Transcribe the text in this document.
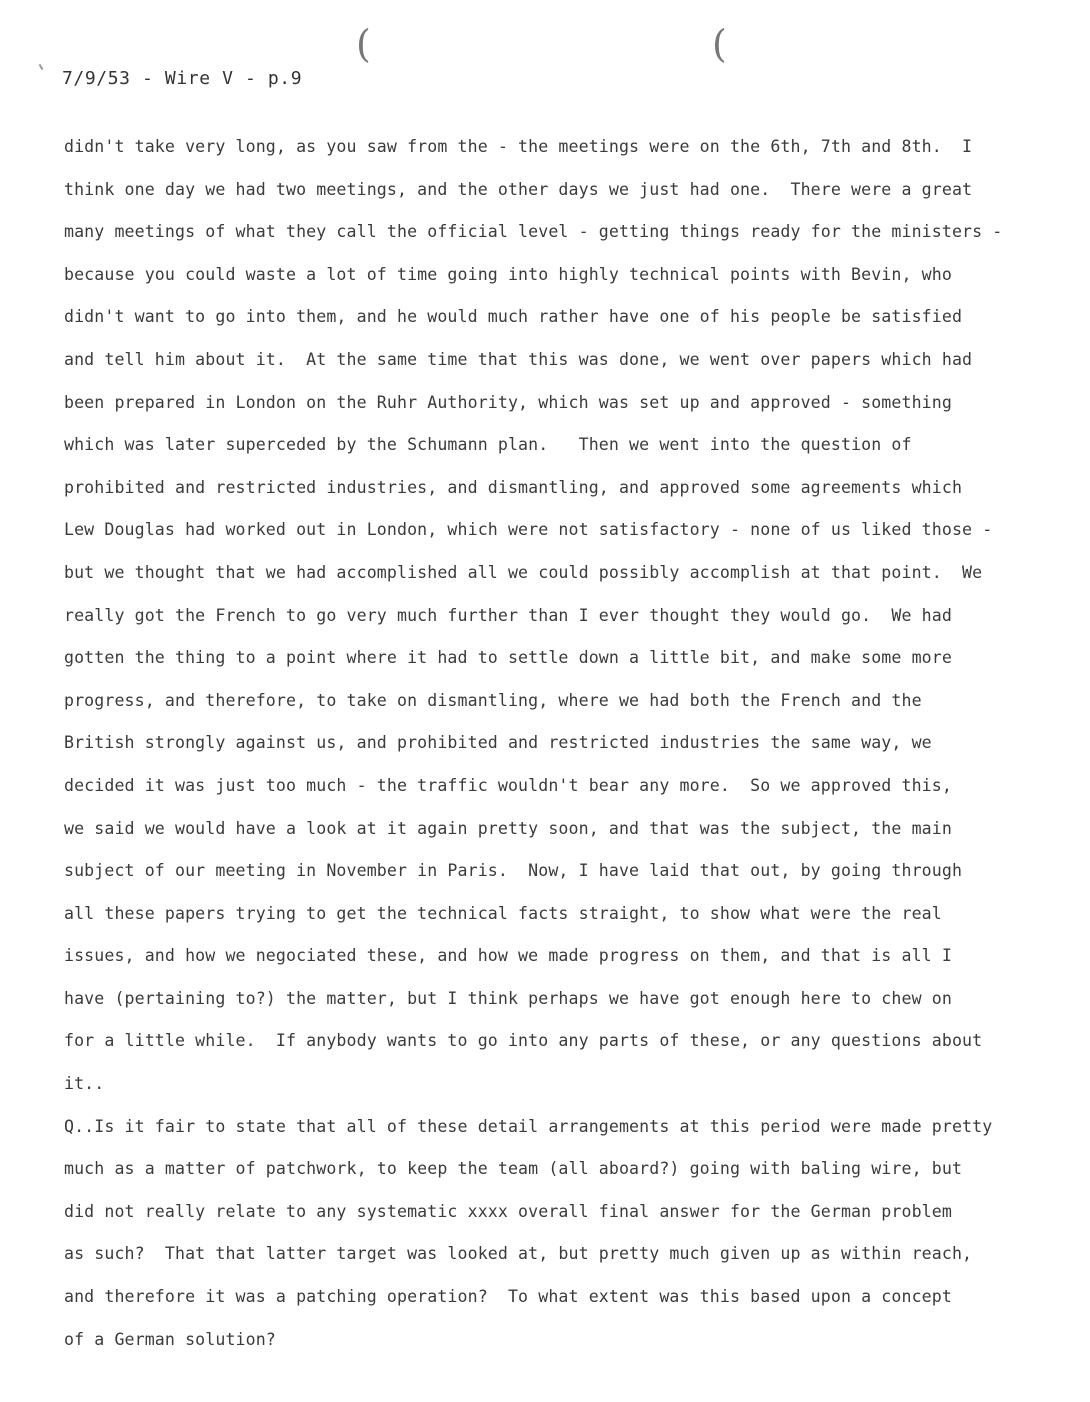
(	(
7/9/53 - Wire V - p.9
didn't take very long, as you saw from the - the meetings were on the 6th, 7th and 8th.  I
think one day we had two meetings, and the other days we just had one.  There were a great
many meetings of what they call the official level - getting things ready for the ministers -
because you could waste a lot of time going into highly technical points with Bevin, who
didn't want to go into them, and he would much rather have one of his people be satisfied
and tell him about it.  At the same time that this was done, we went over papers which had
been prepared in London on the Ruhr Authority, which was set up and approved - something
which was later superceded by the Schumann plan.   Then we went into the question of
prohibited and restricted industries, and dismantling, and approved some agreements which
Lew Douglas had worked out in London, which were not satisfactory - none of us liked those -
but we thought that we had accomplished all we could possibly accomplish at that point.  We
really got the French to go very much further than I ever thought they would go.  We had
gotten the thing to a point where it had to settle down a little bit, and make some more
progress, and therefore, to take on dismantling, where we had both the French and the
British strongly against us, and prohibited and restricted industries the same way, we
decided it was just too much - the traffic wouldn't bear any more.  So we approved this,
we said we would have a look at it again pretty soon, and that was the subject, the main
subject of our meeting in November in Paris.  Now, I have laid that out, by going through
all these papers trying to get the technical facts straight, to show what were the real
issues, and how we negociated these, and how we made progress on them, and that is all I
have (pertaining to?) the matter, but I think perhaps we have got enough here to chew on
for a little while.  If anybody wants to go into any parts of these, or any questions about
it..
Q..Is it fair to state that all of these detail arrangements at this period were made pretty
much as a matter of patchwork, to keep the team (all aboard?) going with baling wire, but
did not really relate to any systematic xxxx overall final answer for the German problem
as such?  That that latter target was looked at, but pretty much given up as within reach,
and therefore it was a patching operation?  To what extent was this based upon a concept
of a German solution?
